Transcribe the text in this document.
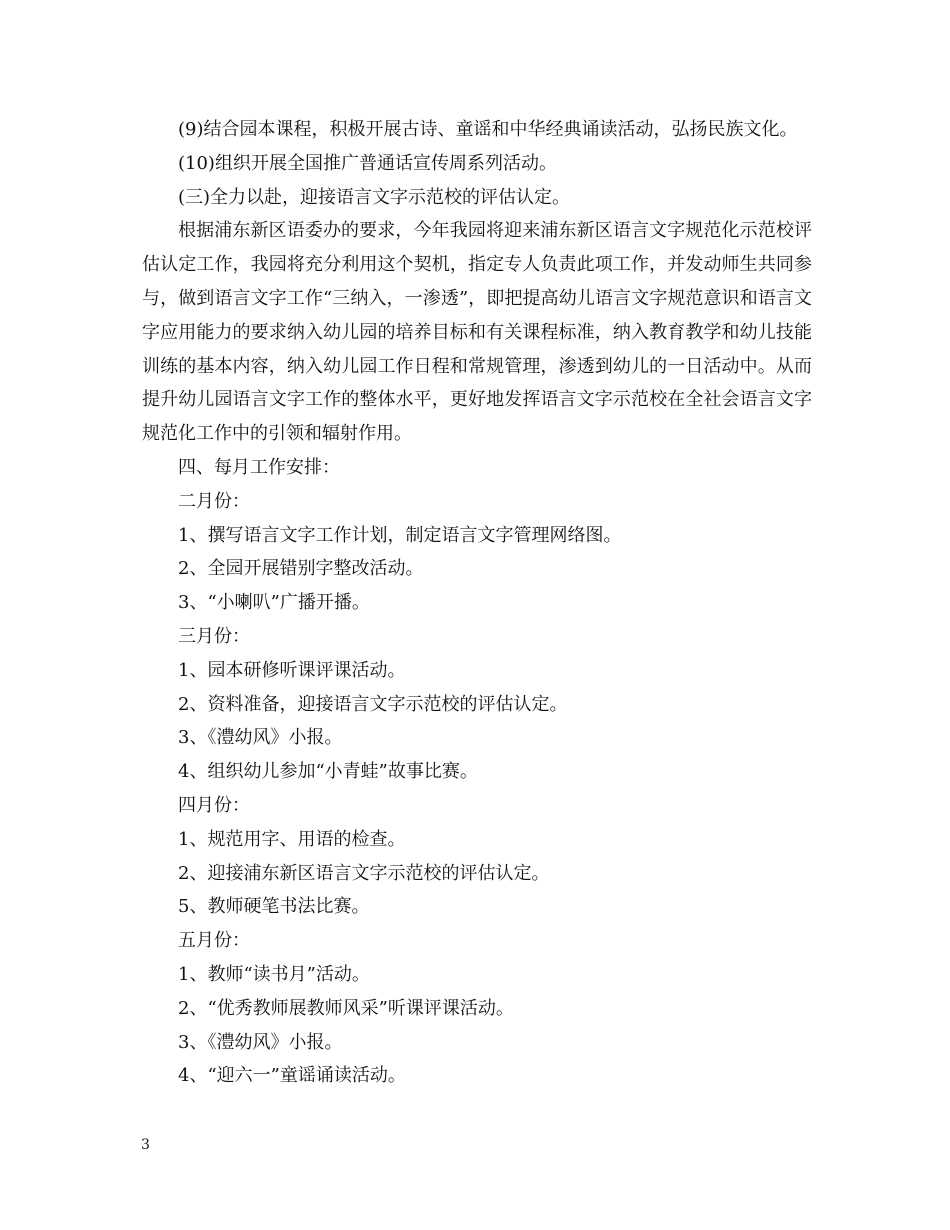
(9)结合园本课程，积极开展古诗、童谣和中华经典诵读活动，弘扬民族文化。

(10)组织开展全国推广普通话宣传周系列活动。

(三)全力以赴，迎接语言文字示范校的评估认定。

根据浦东新区语委办的要求，今年我园将迎来浦东新区语言文字规范化示范校评估认定工作，我园将充分利用这个契机，指定专人负责此项工作，并发动师生共同参与，做到语言文字工作“三纳入，一渗透”，即把提高幼儿语言文字规范意识和语言文字应用能力的要求纳入幼儿园的培养目标和有关课程标准，纳入教育教学和幼儿技能训练的基本内容，纳入幼儿园工作日程和常规管理，渗透到幼儿的一日活动中。从而提升幼儿园语言文字工作的整体水平，更好地发挥语言文字示范校在全社会语言文字规范化工作中的引领和辐射作用。

四、每月工作安排：

二月份：

1、撰写语言文字工作计划，制定语言文字管理网络图。

2、全园开展错别字整改活动。

3、“小喇叭”广播开播。

三月份：

1、园本研修听课评课活动。

2、资料准备，迎接语言文字示范校的评估认定。

3、《澧幼风》小报。

4、组织幼儿参加“小青蛙”故事比赛。

四月份：

1、规范用字、用语的检查。

2、迎接浦东新区语言文字示范校的评估认定。

5、教师硬笔书法比赛。

五月份：

1、教师“读书月”活动。

2、“优秀教师展教师风采”听课评课活动。

3、《澧幼风》小报。

4、“迎六一”童谣诵读活动。

3
